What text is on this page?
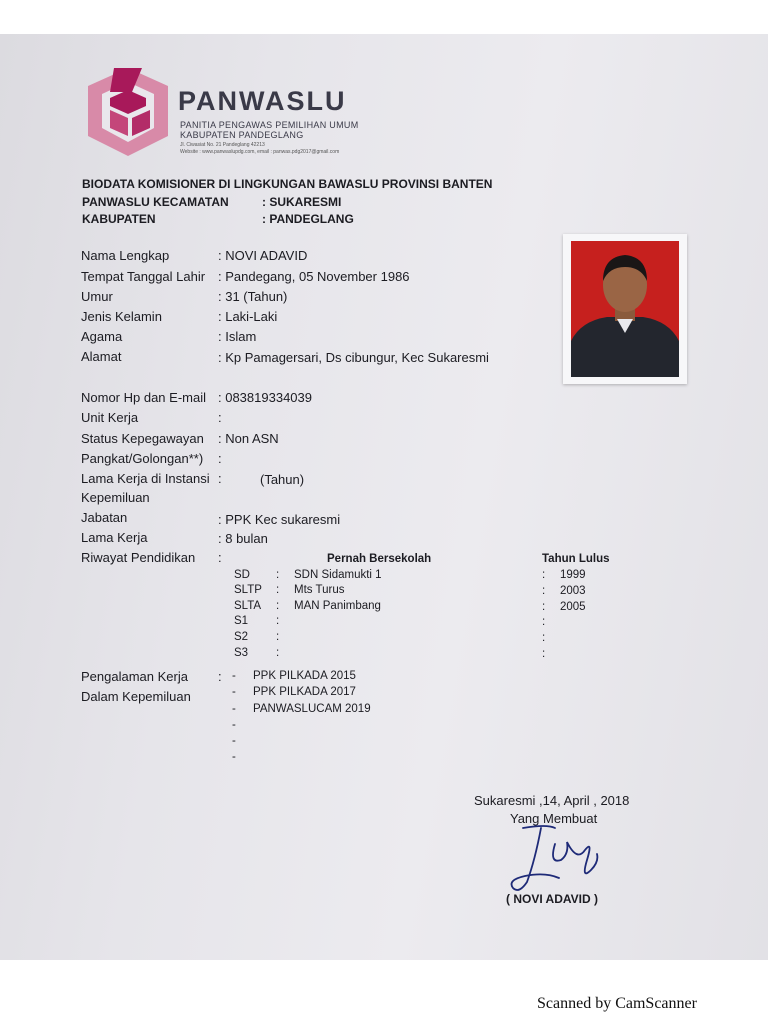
PANWASLU
PANITIA PENGAWAS PEMILIHAN UMUM
KABUPATEN PANDEGLANG
Jl. Ciwasiat No. 21 Pandeglang 42213
Website : www.panwaslupdg.com, email : panwas.pdg2017@gmail.com
BIODATA KOMISIONER DI LINGKUNGAN BAWASLU PROVINSI BANTEN
PANWASLU KECAMATAN	: SUKARESMI
KABUPATEN	: PANDEGLANG
Nama Lengkap	: NOVI ADAVID
Tempat Tanggal Lahir : Pandegang, 05 November 1986
Umur	: 31 (Tahun)
Jenis Kelamin	: Laki-Laki
Agama	: Islam
Alamat	: Kp Pamagersari, Ds cibungur, Kec Sukaresmi
Nomor Hp dan E-mail : 083819334039
Unit Kerja	:
Status Kepegawayan : Non ASN
Pangkat/Golongan**) :
Lama Kerja di Instansi :	(Tahun)
Kepemiluan
Jabatan	: PPK Kec sukaresmi
Lama Kerja	: 8 bulan
Riwayat Pendidikan :	Pernah Bersekolah	Tahun Lulus
SD : SDN Sidamukti 1	: 1999
SLTP : Mts Turus	: 2003
SLTA : MAN Panimbang	: 2005
S1 :	:
S2 :	:
S3 :	:
Pengalaman Kerja
Dalam Kepemiluan
: - PPK PILKADA 2015
- PPK PILKADA 2017
- PANWASLUCAM 2019
-
-
-
Sukaresmi ,14, April , 2018
Yang Membuat
( NOVI ADAVID )
Scanned by CamScanner
